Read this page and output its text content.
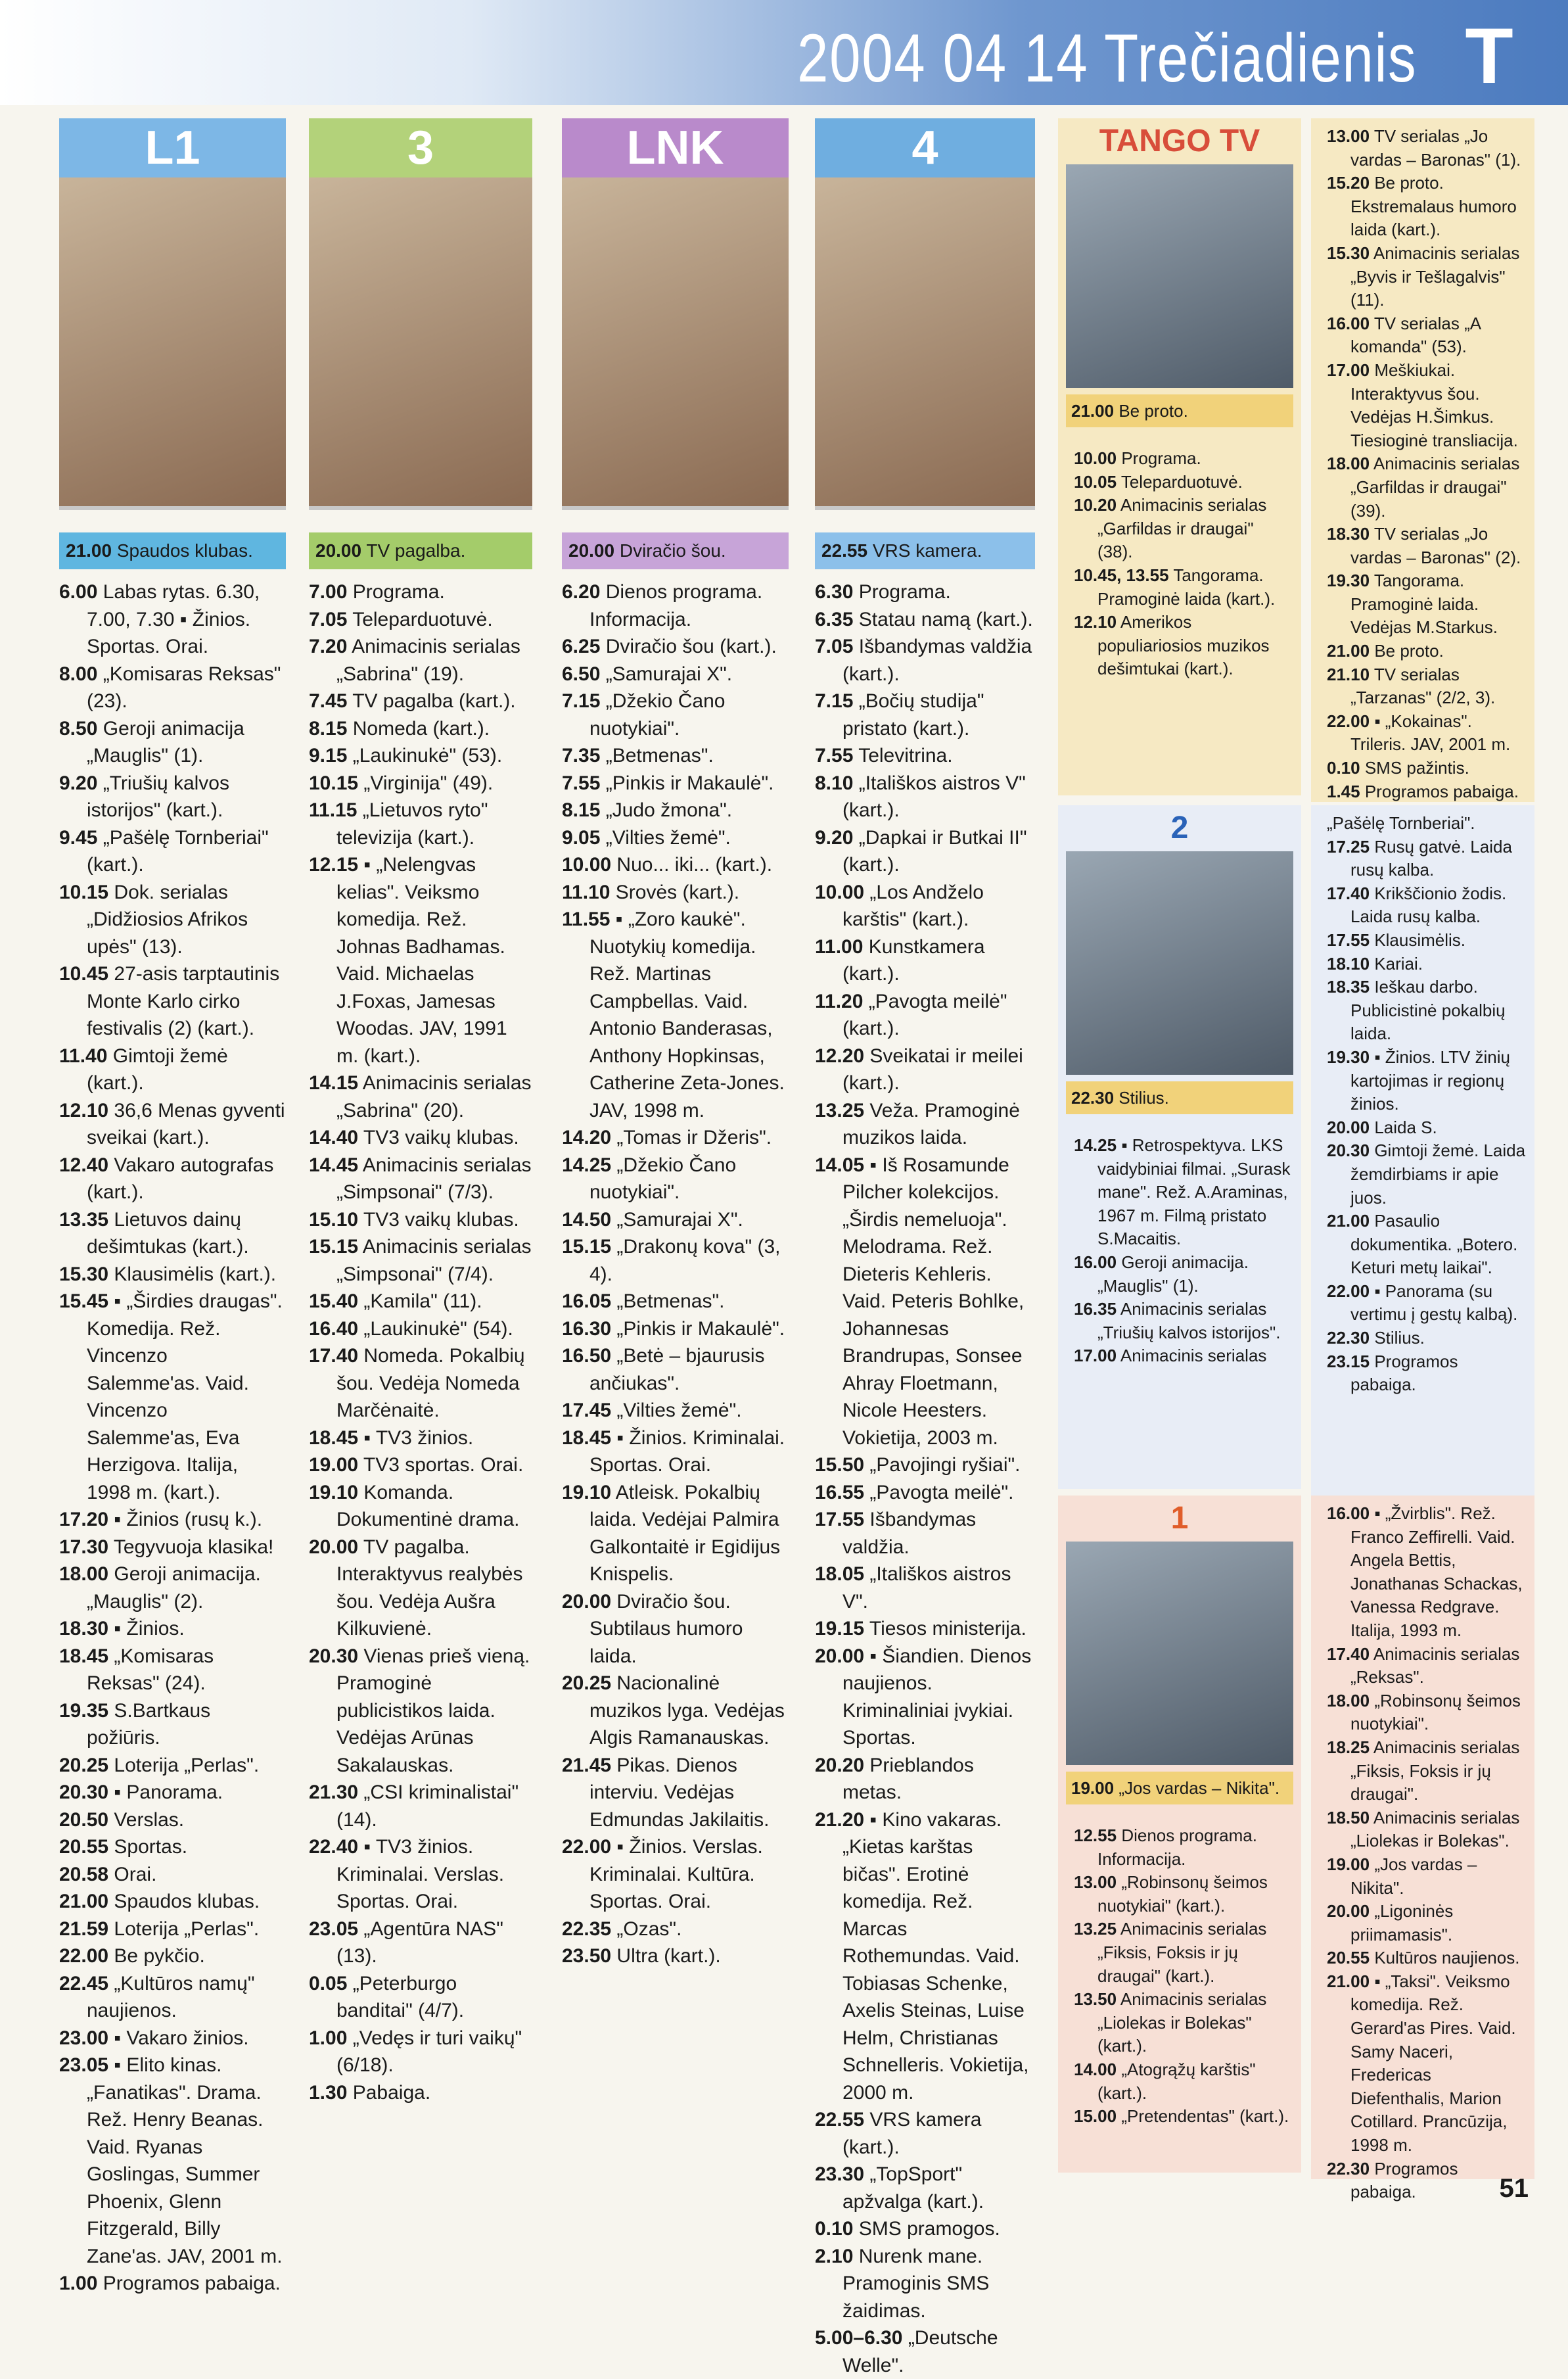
2004 04 14 Trečiadienis T
L1
21.00 Spaudos klubas.

6.00 Labas rytas. 6.30, 7.00, 7.30 ▪ Žinios. Sportas. Orai.

8.00 „Komisaras Reksas" (23).

8.50 Geroji animacija „Mauglis" (1).

9.20 „Triušių kalvos istorijos" (kart.).

9.45 „Pašėlę Tornberiai" (kart.).

10.15 Dok. serialas „Didžiosios Afrikos upės" (13).

10.45 27-asis tarptautinis Monte Karlo cirko festivalis (2) (kart.).

11.40 Gimtoji žemė (kart.).

12.10 36,6 Menas gyventi sveikai (kart.).

12.40 Vakaro autografas (kart.).

13.35 Lietuvos dainų dešimtukas (kart.).

15.30 Klausimėlis (kart.).

15.45 ▪ „Širdies draugas". Komedija. Rež. Vincenzo Salemme'as. Vaid. Vincenzo Salemme'as, Eva Herzigova. Italija, 1998 m. (kart.).

17.20 ▪ Žinios (rusų k.).

17.30 Tegyvuoja klasika!

18.00 Geroji animacija. „Mauglis" (2).

18.30 ▪ Žinios.

18.45 „Komisaras Reksas" (24).

19.35 S.Bartkaus požiūris.

20.25 Loterija „Perlas".

20.30 ▪ Panorama.

20.50 Verslas.

20.55 Sportas.

20.58 Orai.

21.00 Spaudos klubas.

21.59 Loterija „Perlas".

22.00 Be pykčio.

22.45 „Kultūros namų" naujienos.

23.00 ▪ Vakaro žinios.

23.05 ▪ Elito kinas. „Fanatikas". Drama. Rež. Henry Beanas. Vaid. Ryanas Goslingas, Summer Phoenix, Glenn Fitzgerald, Billy Zane'as. JAV, 2001 m.

1.00 Programos pabaiga.

3
20.00 TV pagalba.

7.00 Programa.

7.05 Teleparduotuvė.

7.20 Animacinis serialas „Sabrina" (19).

7.45 TV pagalba (kart.).

8.15 Nomeda (kart.).

9.15 „Laukinukė" (53).

10.15 „Virginija" (49).

11.15 „Lietuvos ryto" televizija (kart.).

12.15 ▪ „Nelengvas kelias". Veiksmo komedija. Rež. Johnas Badhamas. Vaid. Michaelas J.Foxas, Jamesas Woodas. JAV, 1991 m. (kart.).

14.15 Animacinis serialas „Sabrina" (20).

14.40 TV3 vaikų klubas.

14.45 Animacinis serialas „Simpsonai" (7/3).

15.10 TV3 vaikų klubas.

15.15 Animacinis serialas „Simpsonai" (7/4).

15.40 „Kamila" (11).

16.40 „Laukinukė" (54).

17.40 Nomeda. Pokalbių šou. Vedėja Nomeda Marčėnaitė.

18.45 ▪ TV3 žinios.

19.00 TV3 sportas. Orai.

19.10 Komanda. Dokumentinė drama.

20.00 TV pagalba. Interaktyvus realybės šou. Vedėja Aušra Kilkuvienė.

20.30 Vienas prieš vieną. Pramoginė publicistikos laida. Vedėjas Arūnas Sakalauskas.

21.30 „CSI kriminalistai" (14).

22.40 ▪ TV3 žinios. Kriminalai. Verslas. Sportas. Orai.

23.05 „Agentūra NAS" (13).

0.05 „Peterburgo banditai" (4/7).

1.00 „Vedęs ir turi vaikų" (6/18).

1.30 Pabaiga.

LNK
20.00 Dviračio šou.

6.20 Dienos programa. Informacija.

6.25 Dviračio šou (kart.).

6.50 „Samurajai X".

7.15 „Džekio Čano nuotykiai".

7.35 „Betmenas".

7.55 „Pinkis ir Makaulė".

8.15 „Judo žmona".

9.05 „Vilties žemė".

10.00 Nuo... iki... (kart.).

11.10 Srovės (kart.).

11.55 ▪ „Zoro kaukė". Nuotykių komedija. Rež. Martinas Campbellas. Vaid. Antonio Banderasas, Anthony Hopkinsas, Catherine Zeta-Jones. JAV, 1998 m.

14.20 „Tomas ir Džeris".

14.25 „Džekio Čano nuotykiai".

14.50 „Samurajai X".

15.15 „Drakonų kova" (3, 4).

16.05 „Betmenas".

16.30 „Pinkis ir Makaulė".

16.50 „Betė – bjaurusis ančiukas".

17.45 „Vilties žemė".

18.45 ▪ Žinios. Kriminalai. Sportas. Orai.

19.10 Atleisk. Pokalbių laida. Vedėjai Palmira Galkontaitė ir Egidijus Knispelis.

20.00 Dviračio šou. Subtilaus humoro laida.

20.25 Nacionalinė muzikos lyga. Vedėjas Algis Ramanauskas.

21.45 Pikas. Dienos interviu. Vedėjas Edmundas Jakilaitis.

22.00 ▪ Žinios. Verslas. Kriminalai. Kultūra. Sportas. Orai.

22.35 „Ozas".

23.50 Ultra (kart.).

4
22.55 VRS kamera.

6.30 Programa.

6.35 Statau namą (kart.).

7.05 Išbandymas valdžia (kart.).

7.15 „Bočių studija" pristato (kart.).

7.55 Televitrina.

8.10 „Itališkos aistros V" (kart.).

9.20 „Dapkai ir Butkai II" (kart.).

10.00 „Los Andželo karštis" (kart.).

11.00 Kunstkamera (kart.).

11.20 „Pavogta meilė" (kart.).

12.20 Sveikatai ir meilei (kart.).

13.25 Veža. Pramoginė muzikos laida.

14.05 ▪ Iš Rosamunde Pilcher kolekcijos. „Širdis nemeluoja". Melodrama. Rež. Dieteris Kehleris. Vaid. Peteris Bohlke, Johannesas Brandrupas, Sonsee Ahray Floetmann, Nicole Heesters. Vokietija, 2003 m.

15.50 „Pavojingi ryšiai".

16.55 „Pavogta meilė".

17.55 Išbandymas valdžia.

18.05 „Itališkos aistros V".

19.15 Tiesos ministerija.

20.00 ▪ Šiandien. Dienos naujienos. Kriminaliniai įvykiai. Sportas.

20.20 Prieblandos metas.

21.20 ▪ Kino vakaras. „Kietas karštas bičas". Erotinė komedija. Rež. Marcas Rothemundas. Vaid. Tobiasas Schenke, Axelis Steinas, Luise Helm, Christianas Schnelleris. Vokietija, 2000 m.

22.55 VRS kamera (kart.).

23.30 „TopSport" apžvalga (kart.).

0.10 SMS pramogos.

2.10 Nurenk mane. Pramoginis SMS žaidimas.

5.00–6.30 „Deutsche Welle".

TANGO TV
21.00 Be proto.

10.00 Programa.

10.05 Teleparduotuvė.

10.20 Animacinis serialas „Garfildas ir draugai" (38).

10.45, 13.55 Tangorama. Pramoginė laida (kart.).

12.10 Amerikos populiariosios muzikos dešimtukai (kart.).

13.00 TV serialas „Jo vardas – Baronas" (1).

15.20 Be proto. Ekstremalaus humoro laida (kart.).

15.30 Animacinis serialas „Byvis ir Tešlagalvis" (11).

16.00 TV serialas „A komanda" (53).

17.00 Meškiukai. Interaktyvus šou. Vedėjas H.Šimkus. Tiesioginė transliacija.

18.00 Animacinis serialas „Garfildas ir draugai" (39).

18.30 TV serialas „Jo vardas – Baronas" (2).

19.30 Tangorama. Pramoginė laida. Vedėjas M.Starkus.

21.00 Be proto.

21.10 TV serialas „Tarzanas" (2/2, 3).

22.00 ▪ „Kokainas". Trileris. JAV, 2001 m.

0.10 SMS pažintis.

1.45 Programos pabaiga.

2
22.30 Stilius.

14.25 ▪ Retrospektyva. LKS vaidybiniai filmai. „Surask mane". Rež. A.Araminas, 1967 m. Filmą pristato S.Macaitis.

16.00 Geroji animacija. „Mauglis" (1).

16.35 Animacinis serialas „Triušių kalvos istorijos".

17.00 Animacinis serialas

„Pašėlę Tornberiai".

17.25 Rusų gatvė. Laida rusų kalba.

17.40 Krikščionio žodis. Laida rusų kalba.

17.55 Klausimėlis.

18.10 Kariai.

18.35 Ieškau darbo. Publicistinė pokalbių laida.

19.30 ▪ Žinios. LTV žinių kartojimas ir regionų žinios.

20.00 Laida S.

20.30 Gimtoji žemė. Laida žemdirbiams ir apie juos.

21.00 Pasaulio dokumentika. „Botero. Keturi metų laikai".

22.00 ▪ Panorama (su vertimu į gestų kalbą).

22.30 Stilius.

23.15 Programos pabaiga.

1
19.00 „Jos vardas – Nikita".

12.55 Dienos programa. Informacija.

13.00 „Robinsonų šeimos nuotykiai" (kart.).

13.25 Animacinis serialas „Fiksis, Foksis ir jų draugai" (kart.).

13.50 Animacinis serialas „Liolekas ir Bolekas" (kart.).

14.00 „Atogrąžų karštis" (kart.).

15.00 „Pretendentas" (kart.).

16.00 ▪ „Žvirblis". Rež. Franco Zeffirelli. Vaid. Angela Bettis, Jonathanas Schackas, Vanessa Redgrave. Italija, 1993 m.

17.40 Animacinis serialas „Reksas".

18.00 „Robinsonų šeimos nuotykiai".

18.25 Animacinis serialas „Fiksis, Foksis ir jų draugai".

18.50 Animacinis serialas „Liolekas ir Bolekas".

19.00 „Jos vardas – Nikita".

20.00 „Ligoninės priimamasis".

20.55 Kultūros naujienos.

21.00 ▪ „Taksi". Veiksmo komedija. Rež. Gerard'as Pires. Vaid. Samy Naceri, Fredericas Diefenthalis, Marion Cotillard. Prancūzija, 1998 m.

22.30 Programos pabaiga.	51
